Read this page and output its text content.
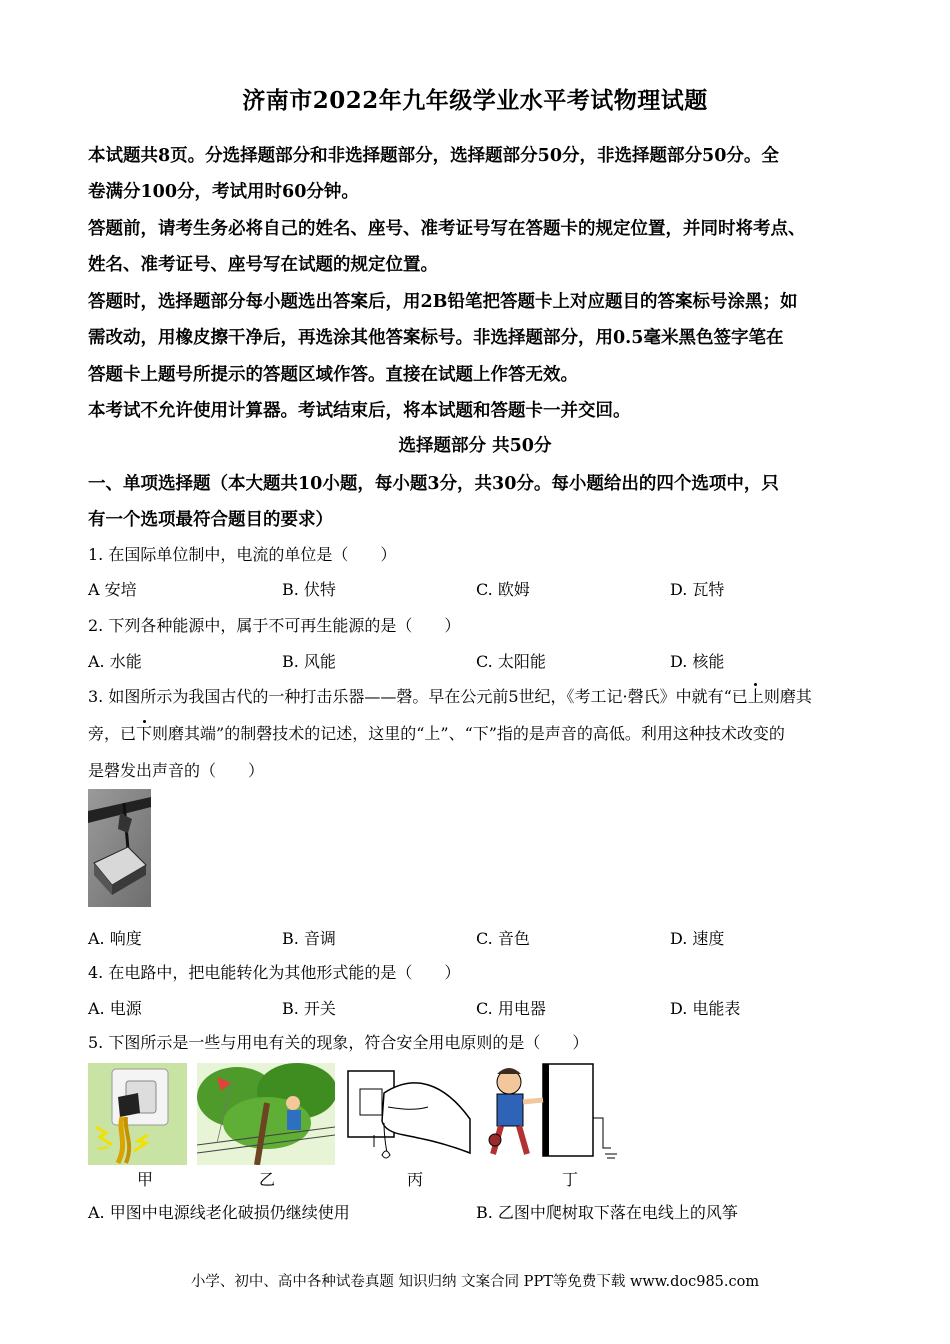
济南市2022年九年级学业水平考试物理试题
本试题共8页。分选择题部分和非选择题部分，选择题部分50分，非选择题部分50分。全
卷满分100分，考试用时60分钟。
答题前，请考生务必将自己的姓名、座号、准考证号写在答题卡的规定位置，并同时将考点、
姓名、准考证号、座号写在试题的规定位置。
答题时，选择题部分每小题选出答案后，用2B铅笔把答题卡上对应题目的答案标号涂黑；如
需改动，用橡皮擦干净后，再选涂其他答案标号。非选择题部分，用0.5毫米黑色签字笔在
答题卡上题号所提示的答题区域作答。直接在试题上作答无效。
本考试不允许使用计算器。考试结束后，将本试题和答题卡一并交回。
选择题部分 共50分
一、单项选择题（本大题共10小题，每小题3分，共30分。每小题给出的四个选项中，只
有一个选项最符合题目的要求）
1. 在国际单位制中，电流的单位是（　　）
A 安培	B. 伏特	C. 欧姆	D. 瓦特
2. 下列各种能源中，属于不可再生能源的是（　　）
A. 水能	B. 风能	C. 太阳能	D. 核能
3. 如图所示为我国古代的一种打击乐器——磬。早在公元前5世纪，《考工记·磬氏》中就有“已上则磨其
旁，已下则磨其端”的制磬技术的记述，这里的“上”、“下”指的是声音的高低。利用这种技术改变的
是磬发出声音的（　　）
A. 响度	B. 音调	C. 音色	D. 速度
4. 在电路中，把电能转化为其他形式能的是（　　）
A. 电源	B. 开关	C. 用电器	D. 电能表
5. 下图所示是一些与用电有关的现象，符合安全用电原则的是（　　）
甲	乙	丙	丁
A. 甲图中电源线老化破损仍继续使用	B. 乙图中爬树取下落在电线上的风筝
小学、初中、高中各种试卷真题 知识归纳 文案合同 PPT等免费下载 www.doc985.com
